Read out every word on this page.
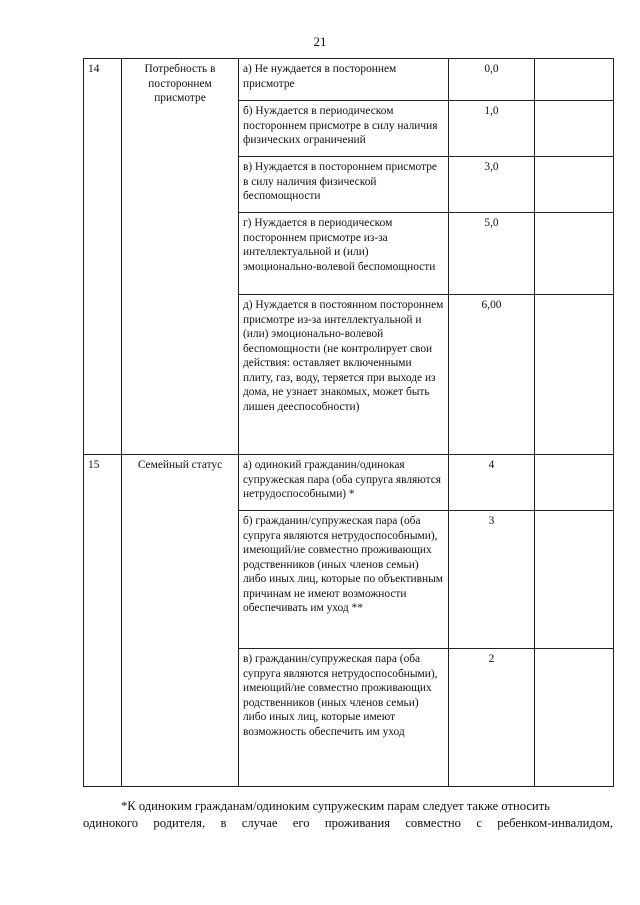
21
14	Потребность в постороннем присмотре	а) Не нуждается в постороннем присмотре	0,0	
		б) Нуждается в периодическом постороннем присмотре в силу наличия физических ограничений	1,0	
		в) Нуждается в постороннем присмотре в силу наличия физической беспомощности	3,0	
		г) Нуждается в периодическом постороннем присмотре из-за интеллектуальной и (или) эмоционально-волевой беспомощности	5,0	
		д) Нуждается в постоянном постороннем присмотре из-за интеллектуальной и (или) эмоционально-волевой беспомощности (не контролирует свои действия: оставляет включенными плиту, газ, воду, теряется при выходе из дома, не узнает знакомых, может быть лишен дееспособности)	6,00	
15	Семейный статус	а) одинокий гражданин/одинокая супружеская пара (оба супруга являются нетрудоспособными) *	4	
		б) гражданин/супружеская пара (оба супруга являются нетрудоспособными), имеющий/ие совместно проживающих родственников (иных членов семьи) либо иных лиц, которые по объективным причинам не имеют возможности обеспечивать им уход **	3	
		в) гражданин/супружеская пара (оба супруга являются нетрудоспособными), имеющий/ие совместно проживающих родственников (иных членов семьи) либо иных лиц, которые имеют возможность обеспечить им уход	2	

*К одиноким гражданам/одиноким супружеским парам следует также относить

одинокого родителя, в случае его проживания совместно с ребенком-инвалидом,
